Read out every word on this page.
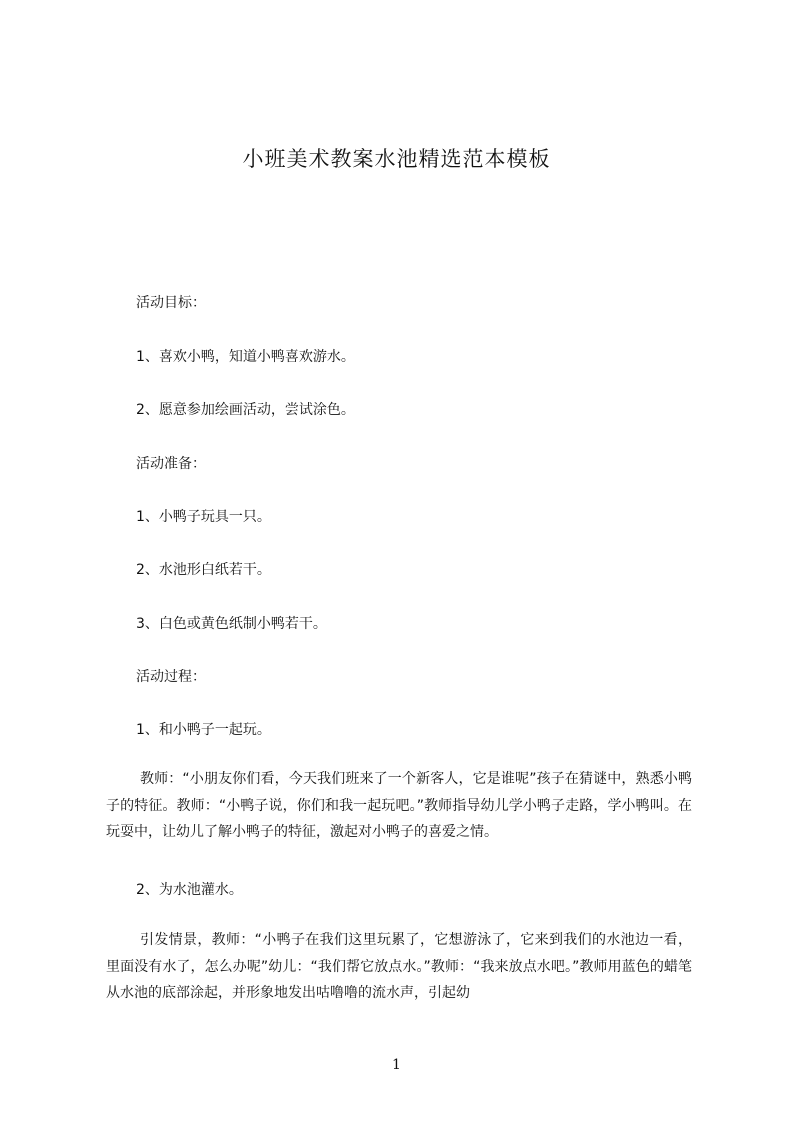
小班美术教案水池精选范本模板
活动目标：
1、喜欢小鸭，知道小鸭喜欢游水。
2、愿意参加绘画活动，尝试涂色。
活动准备：
1、小鸭子玩具一只。
2、水池形白纸若干。
3、白色或黄色纸制小鸭若干。
活动过程：
1、和小鸭子一起玩。
教师：“小朋友你们看，今天我们班来了一个新客人，它是谁呢”孩子在猜谜中，熟悉小鸭子的特征。教师：“小鸭子说，你们和我一起玩吧。”教师指导幼儿学小鸭子走路，学小鸭叫。在玩耍中，让幼儿了解小鸭子的特征，激起对小鸭子的喜爱之情。
2、为水池灌水。
引发情景，教师：“小鸭子在我们这里玩累了，它想游泳了，它来到我们的水池边一看，里面没有水了，怎么办呢”幼儿：“我们帮它放点水。”教师：“我来放点水吧。”教师用蓝色的蜡笔从水池的底部涂起，并形象地发出咕噜噜的流水声，引起幼
1
